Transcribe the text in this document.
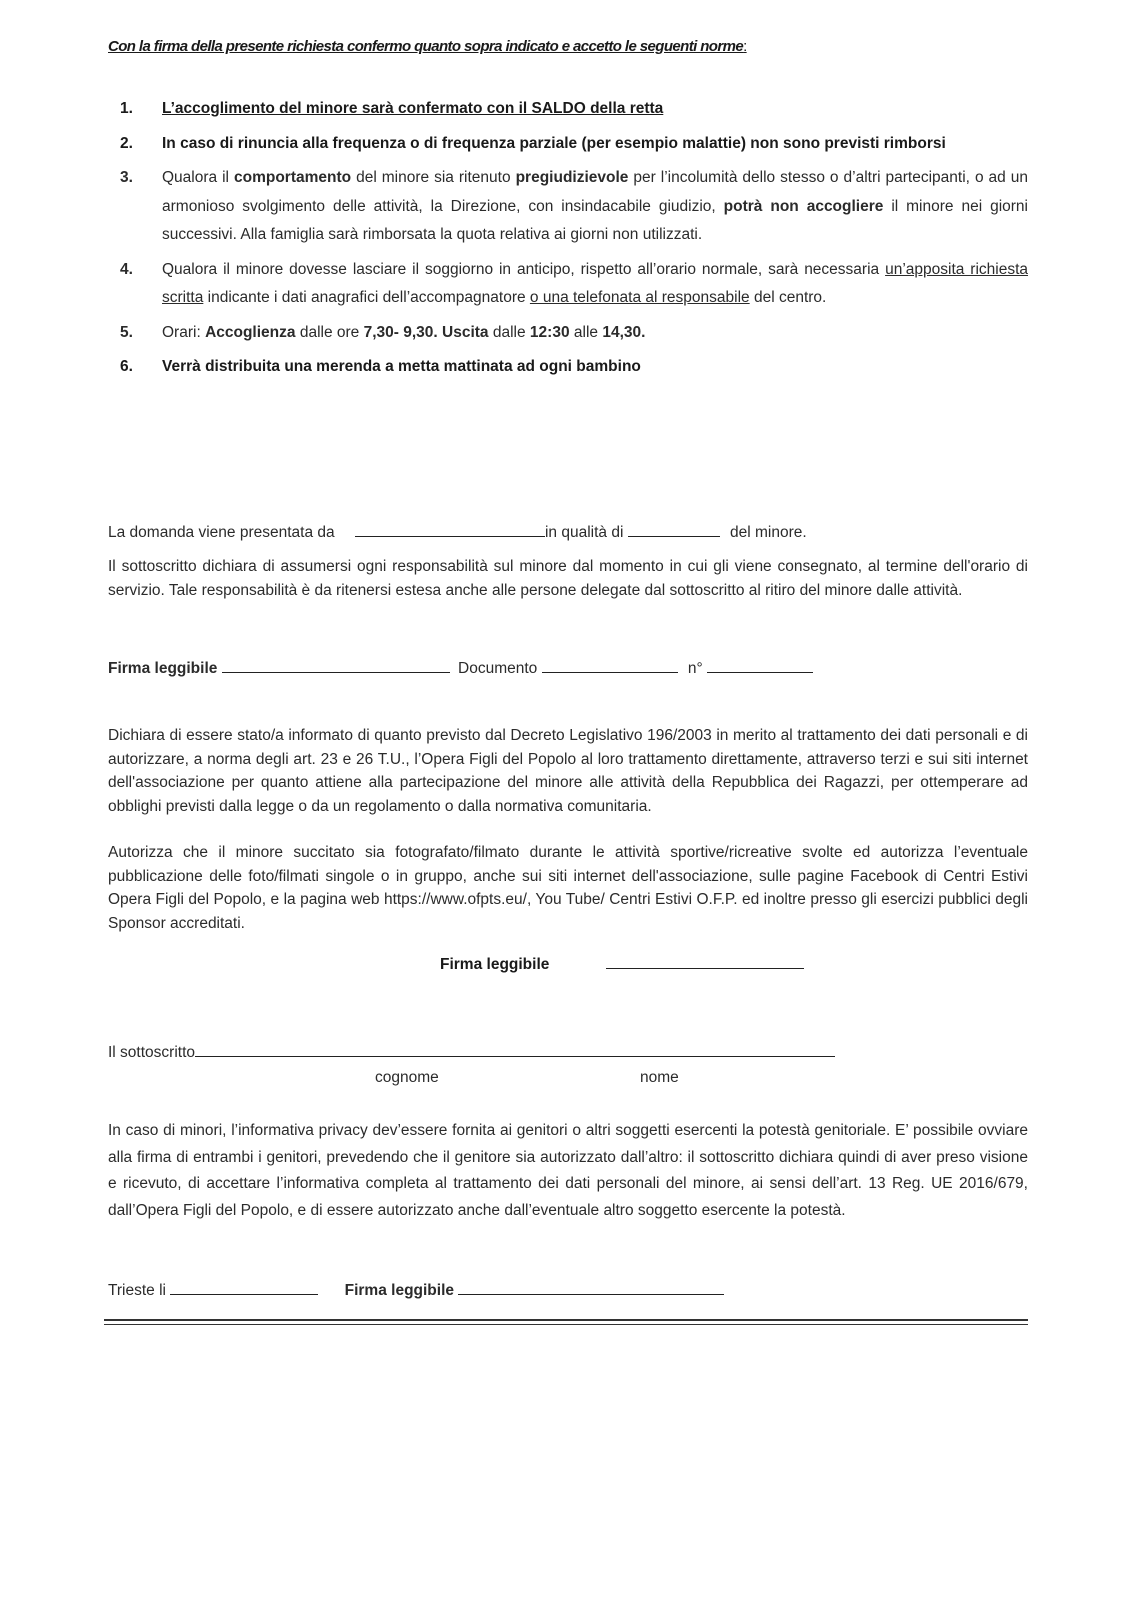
Con la firma della presente richiesta confermo quanto sopra indicato e accetto le seguenti norme:
1. L’accoglimento del minore sarà confermato con il SALDO della retta
2. In caso di rinuncia alla frequenza o di frequenza parziale (per esempio malattie) non sono previsti rimborsi
3. Qualora il comportamento del minore sia ritenuto pregiudizievole per l’incolumità dello stesso o d’altri partecipanti, o ad un armonioso svolgimento delle attività, la Direzione, con insindacabile giudizio, potrà non accogliere il minore nei giorni successivi. Alla famiglia sarà rimborsata la quota relativa ai giorni non utilizzati.
4. Qualora il minore dovesse lasciare il soggiorno in anticipo, rispetto all’orario normale, sarà necessaria un’apposita richiesta scritta indicante i dati anagrafici dell’accompagnatore o una telefonata al responsabile del centro.
5. Orari: Accoglienza dalle ore 7,30- 9,30. Uscita dalle 12:30 alle 14,30.
6. Verrà distribuita una merenda a metta mattinata ad ogni bambino
La domanda viene presentata da	in qualità di	del minore.
Il sottoscritto dichiara di assumersi ogni responsabilità sul minore dal momento in cui gli viene consegnato, al termine dell'orario di servizio. Tale responsabilità è da ritenersi estesa anche alle persone delegate dal sottoscritto al ritiro del minore dalle attività.
Firma leggibile	Documento	n°
Dichiara di essere stato/a informato di quanto previsto dal Decreto Legislativo 196/2003 in merito al trattamento dei dati personali e di autorizzare, a norma degli art. 23 e 26 T.U., l’Opera Figli del Popolo al loro trattamento direttamente, attraverso terzi e sui siti internet dell'associazione per quanto attiene alla partecipazione del minore alle attività della Repubblica dei Ragazzi, per ottemperare ad obblighi previsti dalla legge o da un regolamento o dalla normativa comunitaria.
Autorizza che il minore succitato sia fotografato/filmato durante le attività sportive/ricreative svolte ed autorizza l’eventuale pubblicazione delle foto/filmati singole o in gruppo, anche sui siti internet dell'associazione, sulle pagine Facebook di Centri Estivi Opera Figli del Popolo, e la pagina web https://www.ofpts.eu/, You Tube/ Centri Estivi O.F.P. ed inoltre presso gli esercizi pubblici degli Sponsor accreditati.
Firma leggibile
Il sottoscritto
cognome	nome
In caso di minori, l’informativa privacy dev’essere fornita ai genitori o altri soggetti esercenti la potestà genitoriale. E’ possibile ovviare alla firma di entrambi i genitori, prevedendo che il genitore sia autorizzato dall’altro: il sottoscritto dichiara quindi di aver preso visione e ricevuto, di accettare l’informativa completa al trattamento dei dati personali del minore, ai sensi dell’art. 13 Reg. UE 2016/679, dall’Opera Figli del Popolo, e di essere autorizzato anche dall’eventuale altro soggetto esercente la potestà.
Trieste li	Firma leggibile
